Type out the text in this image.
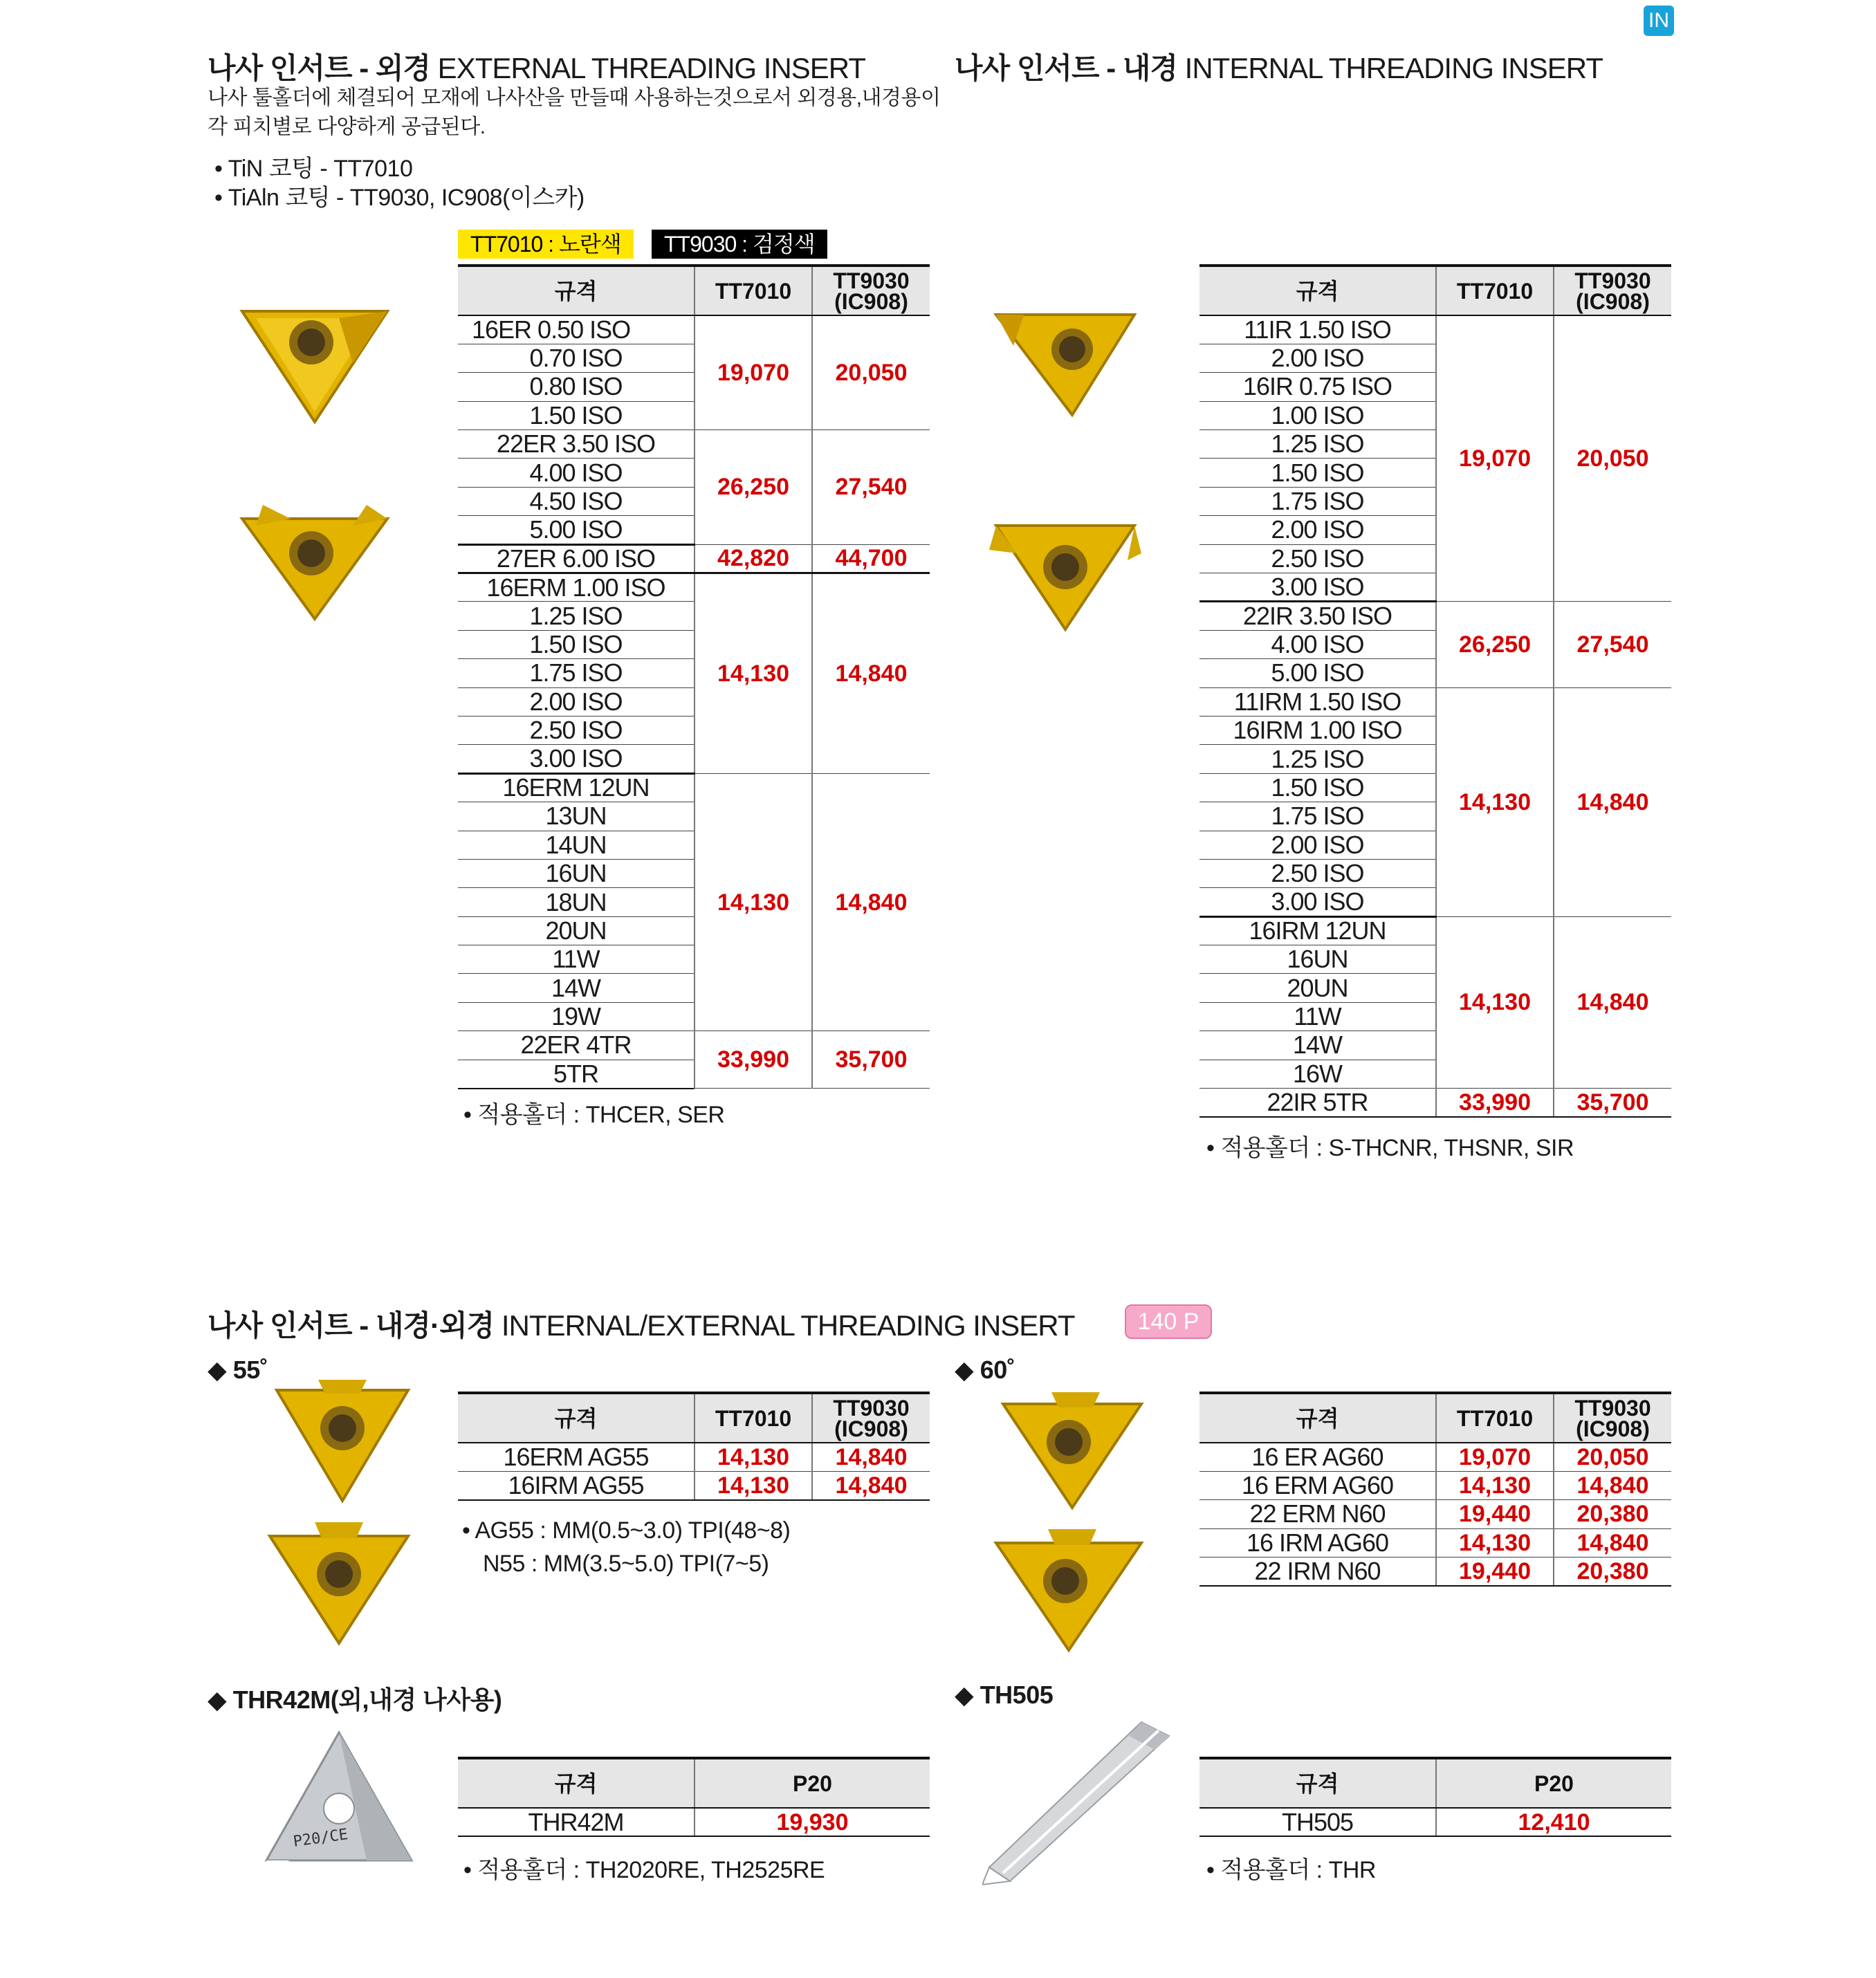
IN
나사 인서트 - 외경 EXTERNAL THREADING INSERT
나사 툴홀더에 체결되어 모재에 나사산을 만들때 사용하는것으로서 외경용,내경용이
각 피치별로 다양하게 공급된다.
• TiN 코팅 - TT7010
• TiAln 코팅 - TT9030, IC908(이스카)
TT7010 : 노란색	TT9030 : 검정색
규격	TT7010	TT9030
(IC908)
16ER 0.50 ISO	19,070	20,050
0.70 ISO		
0.80 ISO		
1.50 ISO		
22ER 3.50 ISO	26,250	27,540
4.00 ISO		
4.50 ISO		
5.00 ISO		
27ER 6.00 ISO	42,820	44,700
16ERM 1.00 ISO	14,130	14,840
1.25 ISO		
1.50 ISO		
1.75 ISO		
2.00 ISO		
2.50 ISO		
3.00 ISO		
16ERM 12UN	14,130	14,840
13UN		
14UN		
16UN		
18UN		
20UN		
11W		
14W		
19W		
22ER 4TR	33,990	35,700
5TR		
• 적용홀더 : THCER, SER
나사 인서트 - 내경 INTERNAL THREADING INSERT
규격	TT7010	TT9030
(IC908)
11IR 1.50 ISO	19,070	20,050
2.00 ISO		
16IR 0.75 ISO		
1.00 ISO		
1.25 ISO		
1.50 ISO		
1.75 ISO		
2.00 ISO		
2.50 ISO		
3.00 ISO		
22IR 3.50 ISO	26,250	27,540
4.00 ISO		
5.00 ISO		
11IRM 1.50 ISO	14,130	14,840
16IRM 1.00 ISO		
1.25 ISO		
1.50 ISO		
1.75 ISO		
2.00 ISO		
2.50 ISO		
3.00 ISO		
16IRM 12UN	14,130	14,840
16UN		
20UN		
11W		
14W		
16W		
22IR 5TR	33,990	35,700
• 적용홀더 : S-THCNR, THSNR, SIR
나사 인서트 - 내경·외경 INTERNAL/EXTERNAL THREADING INSERT	140 P
◆ 55˚
규격	TT7010	TT9030
(IC908)
16ERM AG55	14,130	14,840
16IRM AG55	14,130	14,840
• AG55 : MM(0.5~3.0) TPI(48~8)
N55 : MM(3.5~5.0) TPI(7~5)
◆ 60˚
규격	TT7010	TT9030
(IC908)
16 ER AG60	19,070	20,050
16 ERM AG60	14,130	14,840
22 ERM N60	19,440	20,380
16 IRM AG60	14,130	14,840
22 IRM N60	19,440	20,380
◆ THR42M(외,내경 나사용)
P20/CE
규격	P20
THR42M	19,930
• 적용홀더 : TH2020RE, TH2525RE
◆ TH505
규격	P20
TH505	12,410
• 적용홀더 : THR
